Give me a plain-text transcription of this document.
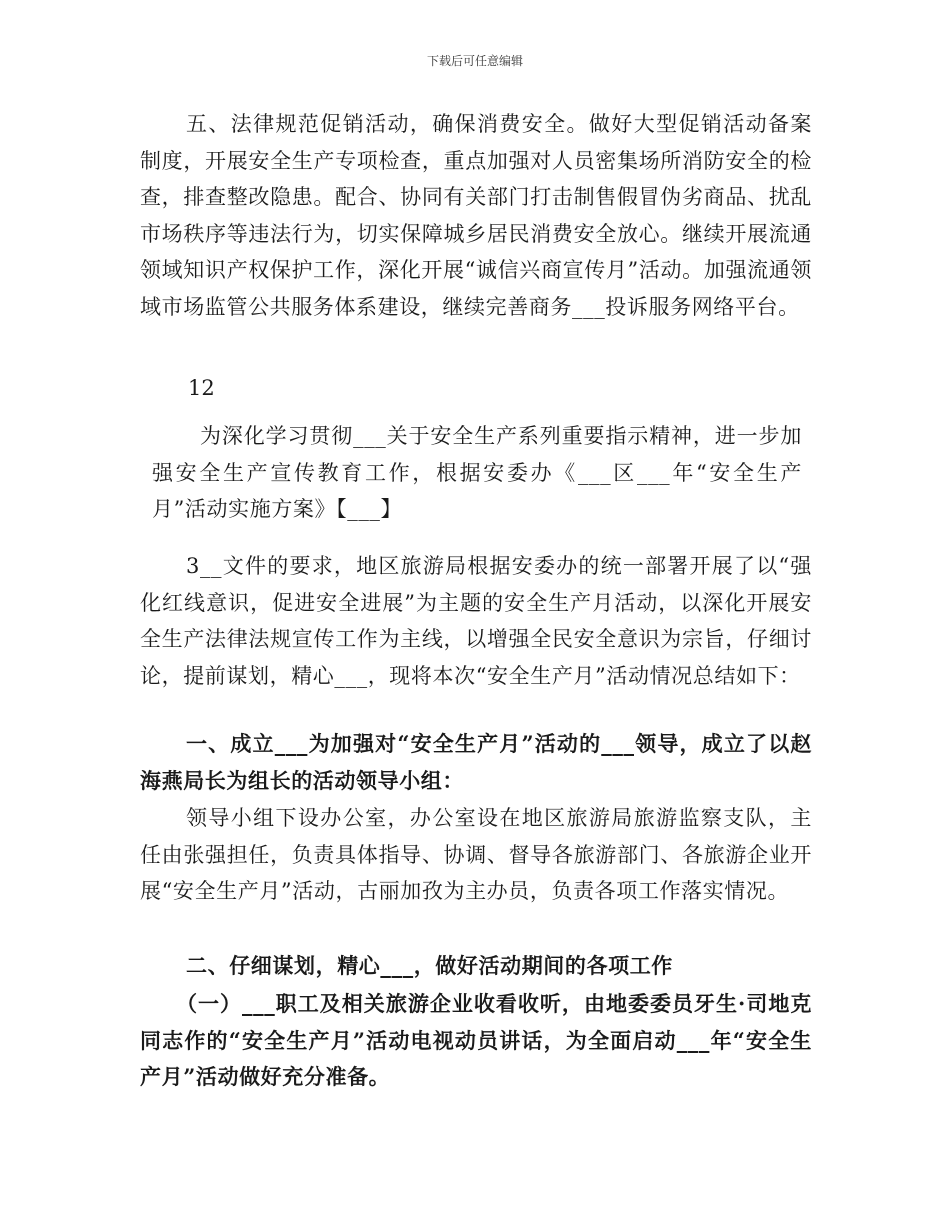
下载后可任意编辑

五、法律规范促销活动，确保消费安全。做好大型促销活动备案制度，开展安全生产专项检查，重点加强对人员密集场所消防安全的检查，排查整改隐患。配合、协同有关部门打击制售假冒伪劣商品、扰乱市场秩序等违法行为，切实保障城乡居民消费安全放心。继续开展流通领域知识产权保护工作，深化开展“诚信兴商宣传月”活动。加强流通领域市场监管公共服务体系建设，继续完善商务___投诉服务网络平台。

12

为深化学习贯彻___关于安全生产系列重要指示精神，进一步加强安全生产宣传教育工作，根据安委办《___区___年“安全生产月”活动实施方案》【___】

3__文件的要求，地区旅游局根据安委办的统一部署开展了以“强化红线意识，促进安全进展”为主题的安全生产月活动，以深化开展安全生产法律法规宣传工作为主线，以增强全民安全意识为宗旨，仔细讨论，提前谋划，精心___，现将本次“安全生产月”活动情况总结如下：

一、成立___为加强对“安全生产月”活动的___领导，成立了以赵海燕局长为组长的活动领导小组：

领导小组下设办公室，办公室设在地区旅游局旅游监察支队，主任由张强担任，负责具体指导、协调、督导各旅游部门、各旅游企业开展“安全生产月”活动，古丽加孜为主办员，负责各项工作落实情况。

二、仔细谋划，精心___，做好活动期间的各项工作

（一）___职工及相关旅游企业收看收听，由地委委员牙生·司地克同志作的“安全生产月”活动电视动员讲话，为全面启动___年“安全生产月”活动做好充分准备。
